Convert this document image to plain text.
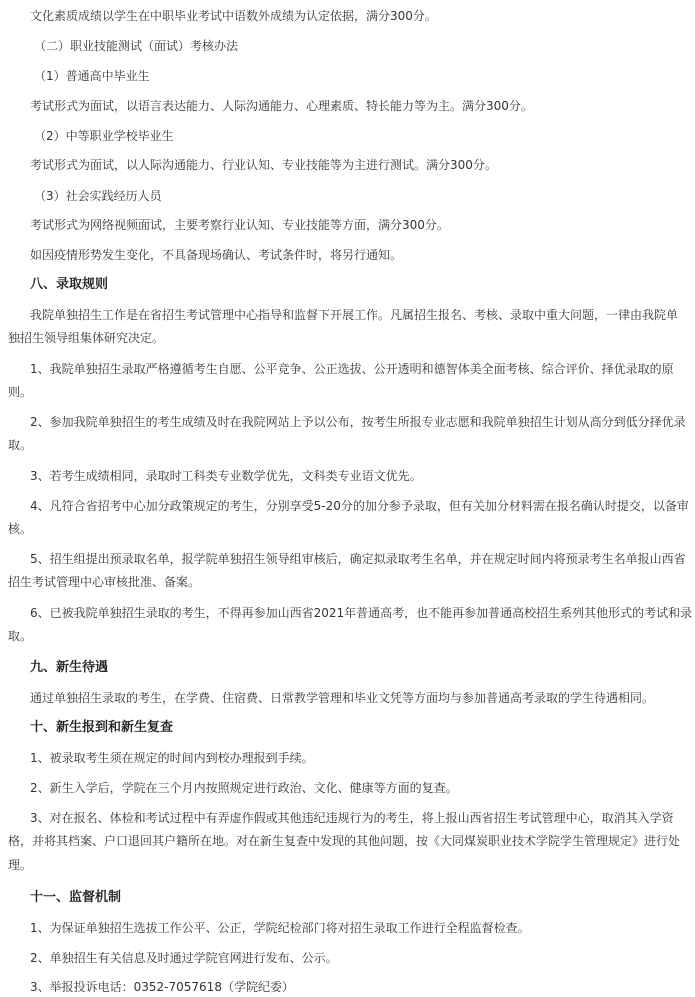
文化素质成绩以学生在中职毕业考试中语数外成绩为认定依据，满分300分。
（二）职业技能测试（面试）考核办法
（1）普通高中毕业生
考试形式为面试，以语言表达能力、人际沟通能力、心理素质、特长能力等为主。满分300分。
（2）中等职业学校毕业生
考试形式为面试，以人际沟通能力、行业认知、专业技能等为主进行测试。满分300分。
（3）社会实践经历人员
考试形式为网络视频面试，主要考察行业认知、专业技能等方面，满分300分。
如因疫情形势发生变化，不具备现场确认、考试条件时，将另行通知。
八、录取规则
我院单独招生工作是在省招生考试管理中心指导和监督下开展工作。凡属招生报名、考核、录取中重大问题，一律由我院单
独招生领导组集体研究决定。
1、我院单独招生录取严格遵循考生自愿、公平竞争、公正选拔、公开透明和德智体美全面考核、综合评价、择优录取的原
则。
2、参加我院单独招生的考生成绩及时在我院网站上予以公布，按考生所报专业志愿和我院单独招生计划从高分到低分择优录
取。
3、若考生成绩相同，录取时工科类专业数学优先，文科类专业语文优先。
4、凡符合省招考中心加分政策规定的考生，分别享受5-20分的加分参予录取，但有关加分材料需在报名确认时提交，以备审
核。
5、招生组提出预录取名单，报学院单独招生领导组审核后，确定拟录取考生名单，并在规定时间内将预录考生名单报山西省
招生考试管理中心审核批准、备案。
6、已被我院单独招生录取的考生，不得再参加山西省2021年普通高考，也不能再参加普通高校招生系列其他形式的考试和录
取。
九、新生待遇
通过单独招生录取的考生，在学费、住宿费、日常教学管理和毕业文凭等方面均与参加普通高考录取的学生待遇相同。
十、新生报到和新生复查
1、被录取考生须在规定的时间内到校办理报到手续。
2、新生入学后，学院在三个月内按照规定进行政治、文化、健康等方面的复查。
3、对在报名、体检和考试过程中有弄虚作假或其他违纪违规行为的考生，将上报山西省招生考试管理中心，取消其入学资
格，并将其档案、户口退回其户籍所在地。对在新生复查中发现的其他问题，按《大同煤炭职业技术学院学生管理规定》进行处
理。
十一、监督机制
1、为保证单独招生选拔工作公平、公正，学院纪检部门将对招生录取工作进行全程监督检查。
2、单独招生有关信息及时通过学院官网进行发布、公示。
3、举报投诉电话：0352-7057618（学院纪委）
